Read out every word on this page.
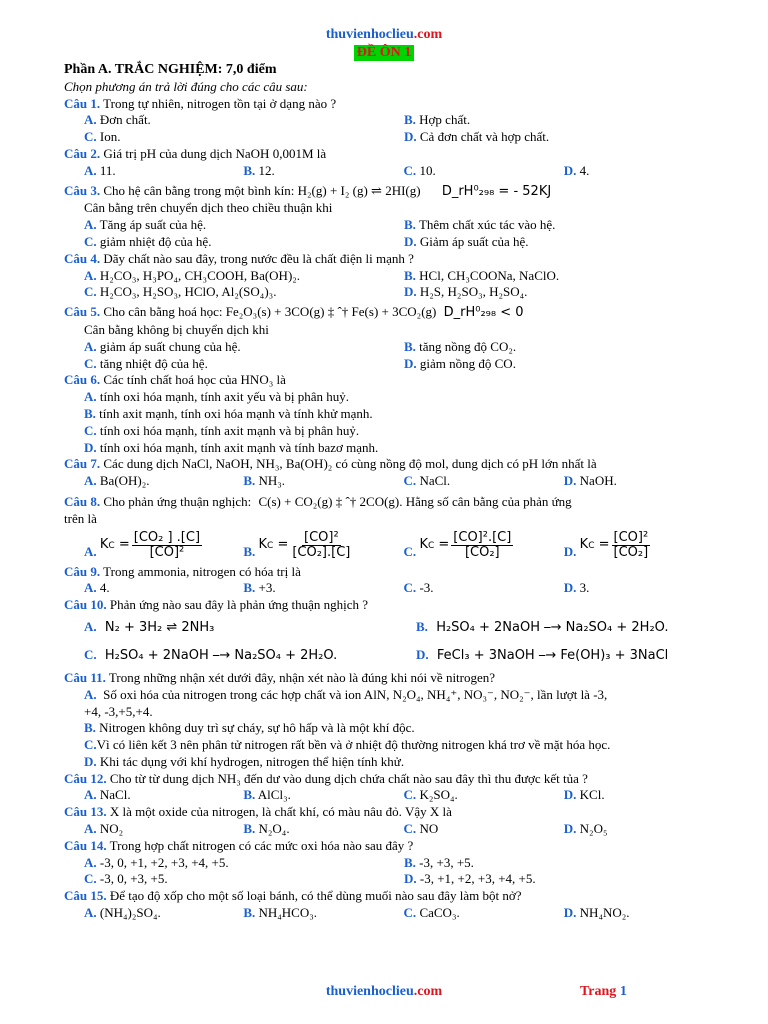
thuvienhoclieu.com
ĐỀ ÔN 1
Phần A. TRẮC NGHIỆM: 7,0 điểm
Chọn phương án trả lời đúng cho các câu sau:
Câu 1. Trong tự nhiên, nitrogen tồn tại ở dạng nào ?
A. Đơn chất.	B. Hợp chất.
C. Ion.	D. Cả đơn chất và hợp chất.
Câu 2. Giá trị pH của dung dịch NaOH 0,001M là
A. 11.	B. 12.	C. 10.	D. 4.
Câu 3. Cho hệ cân bằng trong một bình kín: H₂(g) + I₂ (g) ⇌ 2HI(g) D_rH⁰₂₉₈ = - 52KJ
Cân bằng trên chuyển dịch theo chiều thuận khi
A. Tăng áp suất của hệ.	B. Thêm chất xúc tác vào hệ.
C. giảm nhiệt độ của hệ.	D. Giảm áp suất của hệ.
Câu 4. Dãy chất nào sau đây, trong nước đều là chất điện li mạnh ?
A. H₂CO₃, H₃PO₄, CH₃COOH, Ba(OH)₂.	B. HCl, CH₃COONa, NaClO.
C. H₂CO₃, H₂SO₃, HClO, Al₂(SO₄)₃.	D. H₂S, H₂SO₃, H₂SO₄.
Câu 5. Cho cân bằng hoá học: Fe₂O₃(s) + 3CO(g) ‡ ˆ† Fe(s) + 3CO₂(g) D_rH⁰₂₉₈ < 0
Cân bằng không bị chuyển dịch khi
A. giảm áp suất chung của hệ.	B. tăng nồng độ CO₂.
C. tăng nhiệt độ của hệ.	D. giảm nồng độ CO.
Câu 6. Các tính chất hoá học của HNO₃ là
A. tính oxi hóa mạnh, tính axit yếu và bị phân huỷ.
B. tính axit mạnh, tính oxi hóa mạnh và tính khử mạnh.
C. tính oxi hóa mạnh, tính axit mạnh và bị phân huỷ.
D. tính oxi hóa mạnh, tính axit mạnh và tính bazơ mạnh.
Câu 7. Các dung dịch NaCl, NaOH, NH₃, Ba(OH)₂ có cùng nồng độ mol, dung dịch có pH lớn nhất là
A. Ba(OH)₂.	B. NH₃.	C. NaCl.	D. NaOH.
Câu 8. Cho phản ứng thuận nghịch: C(s) + CO₂(g) ‡ ˆ† 2CO(g). Hằng số cân bằng của phản ứng
trên là
A. K $C = \frac{\text{[CO₂ ] .[C]}}{\text{[CO]²}}$	B. K $C = \frac{\text{[CO]²}}{\text{[CO₂].[C]}}$	C. K $C = \frac{\text{[CO]².[C]}}{\text{[CO₂]}}$	D. K $C = \frac{\text{[CO]²}}{\text{[CO₂]}}$
Câu 9. Trong ammonia, nitrogen có hóa trị là
A. 4.	B. +3.	C. -3.	D. 3.
Câu 10. Phản ứng nào sau đây là phản ứng thuận nghịch ?
A. N₂ + 3H₂ ⇌ 2NH₃	B. H₂SO₄ + 2NaOH ⎯→ Na₂SO₄ + 2H₂O.
C. H₂SO₄ + 2NaOH ⎯→ Na₂SO₄ + 2H₂O.	D. FeCl₃ + 3NaOH ⎯→ Fe(OH)₃ + 3NaCl
Câu 11. Trong những nhận xét dưới đây, nhận xét nào là đúng khi nói về nitrogen?
A. Số oxi hóa của nitrogen trong các hợp chất và ion AlN, N₂O₄, NH₄⁺, NO₃⁻, NO₂⁻, lần lượt là -3,
+4, -3,+5,+4.
B. Nitrogen không duy trì sự cháy, sự hô hấp và là một khí độc.
C.Vì có liên kết 3 nên phân tử nitrogen rất bền và ở nhiệt độ thường nitrogen khá trơ về mặt hóa học.
D. Khi tác dụng với khí hydrogen, nitrogen thể hiện tính khử.
Câu 12. Cho từ từ dung dịch NH₃ đến dư vào dung dịch chứa chất nào sau đây thì thu được kết tủa ?
A. NaCl.	B. AlCl₃.	C. K₂SO₄.	D. KCl.
Câu 13. X là một oxide của nitrogen, là chất khí, có màu nâu đỏ. Vậy X là
A. NO₂	B. N₂O₄.	C. NO	D. N₂O₅
Câu 14. Trong hợp chất nitrogen có các mức oxi hóa nào sau đây ?
A. -3, 0, +1, +2, +3, +4, +5.	B. -3, +3, +5.
C. -3, 0, +3, +5.	D. -3, +1, +2, +3, +4, +5.
Câu 15. Để tạo độ xốp cho một số loại bánh, có thể dùng muối nào sau đây làm bột nở?
A. (NH₄)₂SO₄.	B. NH₄HCO₃.	C. CaCO₃.	D. NH₄NO₂.
thuvienhoclieu.com	Trang 1
